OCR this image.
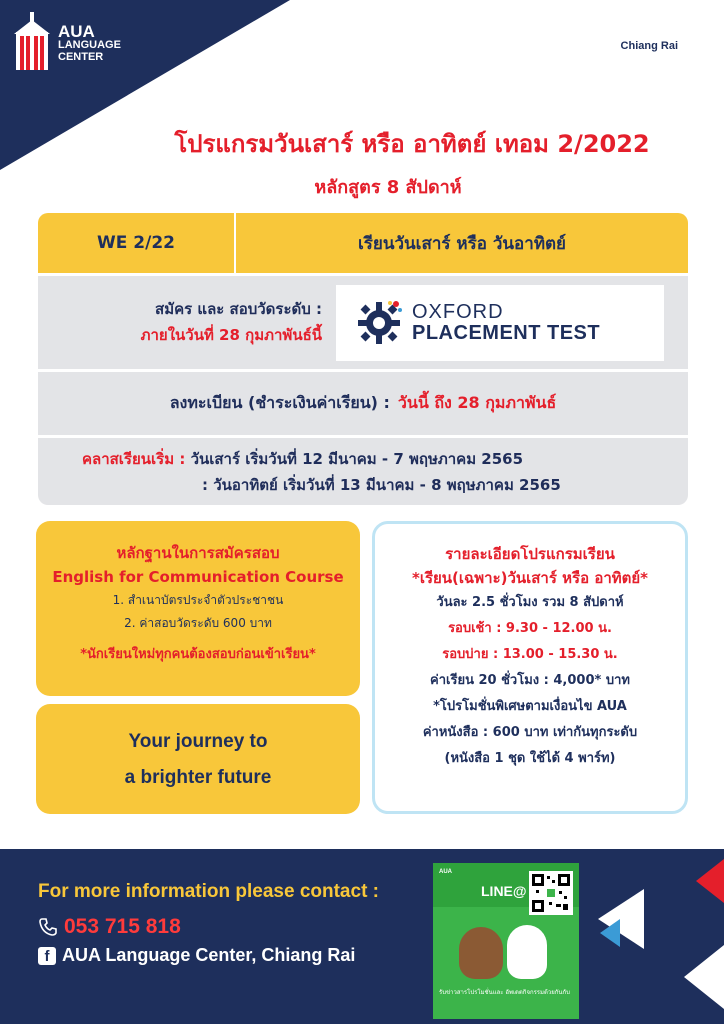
AUA
LANGUAGE
CENTER
Chiang Rai
โปรแกรมวันเสาร์ หรือ อาทิตย์ เทอม 2/2022
หลักสูตร 8 สัปดาห์
WE 2/22	เรียนวันเสาร์ หรือ วันอาทิตย์
สมัคร และ สอบวัดระดับ :
ภายในวันที่ 28 กุมภาพันธ์นี้
OXFORD
PLACEMENT TEST
ลงทะเบียน (ชำระเงินค่าเรียน) : วันนี้ ถึง 28 กุมภาพันธ์
คลาสเรียนเริ่ม : วันเสาร์ เริ่มวันที่ 12 มีนาคม - 7 พฤษภาคม 2565
: วันอาทิตย์ เริ่มวันที่ 13 มีนาคม - 8 พฤษภาคม 2565
หลักฐานในการสมัครสอบ
English for Communication Course
1. สำเนาบัตรประจำตัวประชาชน
2. ค่าสอบวัดระดับ 600 บาท
*นักเรียนใหม่ทุกคนต้องสอบก่อนเข้าเรียน*
Your journey to
a brighter future
รายละเอียดโปรแกรมเรียน
*เรียน(เฉพาะ)วันเสาร์ หรือ อาทิตย์*
วันละ 2.5 ชั่วโมง รวม 8 สัปดาห์
รอบเช้า : 9.30 - 12.00 น.
รอบบ่าย : 13.00 - 15.30 น.
ค่าเรียน 20 ชั่วโมง : 4,000* บาท
*โปรโมชั่นพิเศษตามเงื่อนไข AUA
ค่าหนังสือ : 600 บาท เท่ากันทุกระดับ
(หนังสือ 1 ชุด ใช้ได้ 4 พาร์ท)
For more information please contact :
053 715 818
f AUA Language Center, Chiang Rai
AUA
LINE@
รับข่าวสารโปรโมชั่นและ อัพเดตกิจกรรมด้วยกันกับ
